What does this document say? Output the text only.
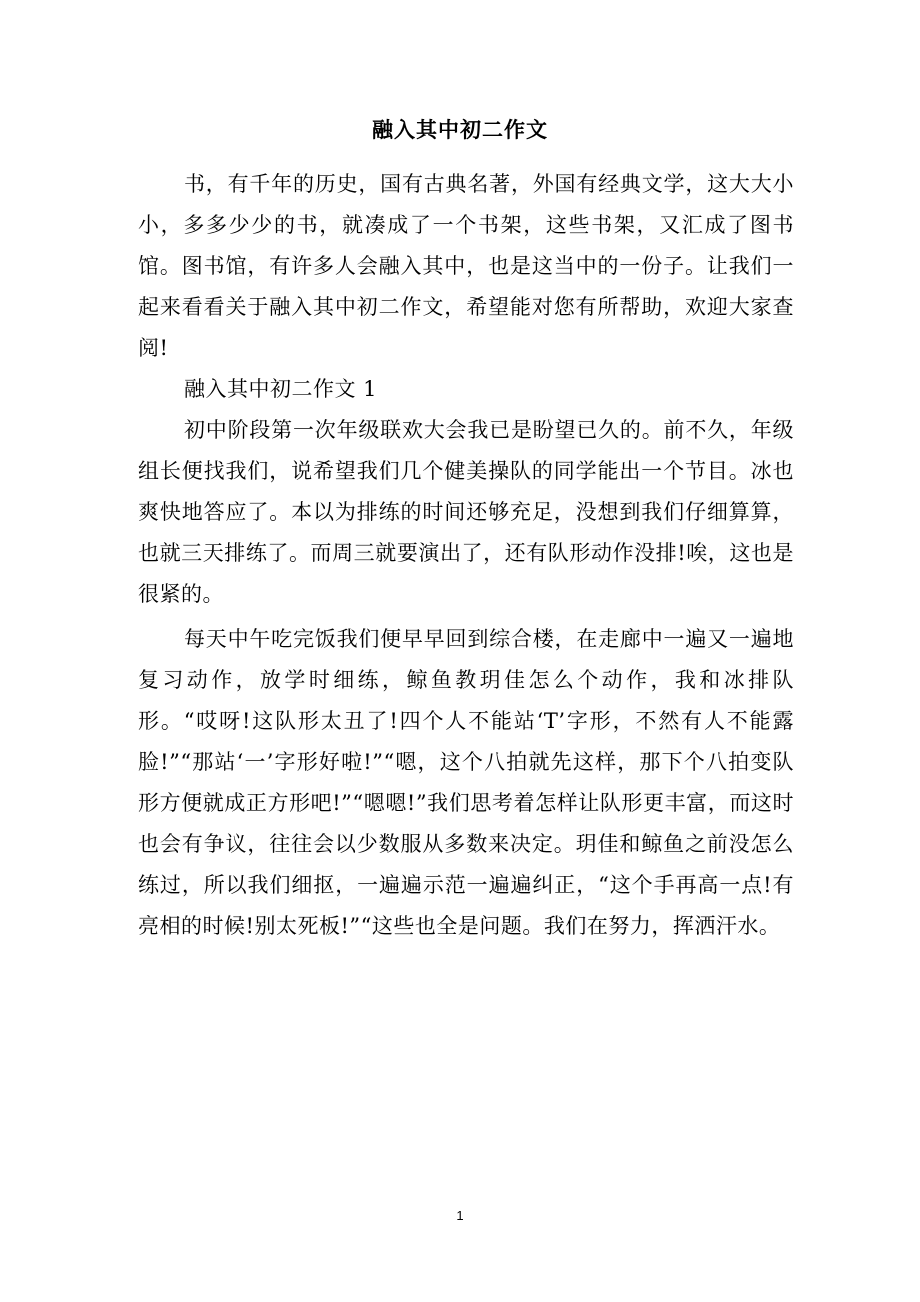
融入其中初二作文

书，有千年的历史，国有古典名著，外国有经典文学，这大大小小，多多少少的书，就凑成了一个书架，这些书架，又汇成了图书馆。图书馆，有许多人会融入其中，也是这当中的一份子。让我们一起来看看关于融入其中初二作文，希望能对您有所帮助，欢迎大家查阅!

融入其中初二作文 1

初中阶段第一次年级联欢大会我已是盼望已久的。前不久，年级组长便找我们，说希望我们几个健美操队的同学能出一个节目。冰也爽快地答应了。本以为排练的时间还够充足，没想到我们仔细算算，也就三天排练了。而周三就要演出了，还有队形动作没排!唉，这也是很紧的。

每天中午吃完饭我们便早早回到综合楼，在走廊中一遍又一遍地复习动作，放学时细练，鲸鱼教玥佳怎么个动作，我和冰排队形。“哎呀!这队形太丑了!四个人不能站‘T’字形，不然有人不能露脸!”“那站‘一’字形好啦!”“嗯，这个八拍就先这样，那下个八拍变队形方便就成正方形吧!”“嗯嗯!”我们思考着怎样让队形更丰富，而这时也会有争议，往往会以少数服从多数来决定。玥佳和鲸鱼之前没怎么练过，所以我们细抠，一遍遍示范一遍遍纠正，“这个手再高一点!有亮相的时候!别太死板!”“这些也全是问题。我们在努力，挥洒汗水。

1
